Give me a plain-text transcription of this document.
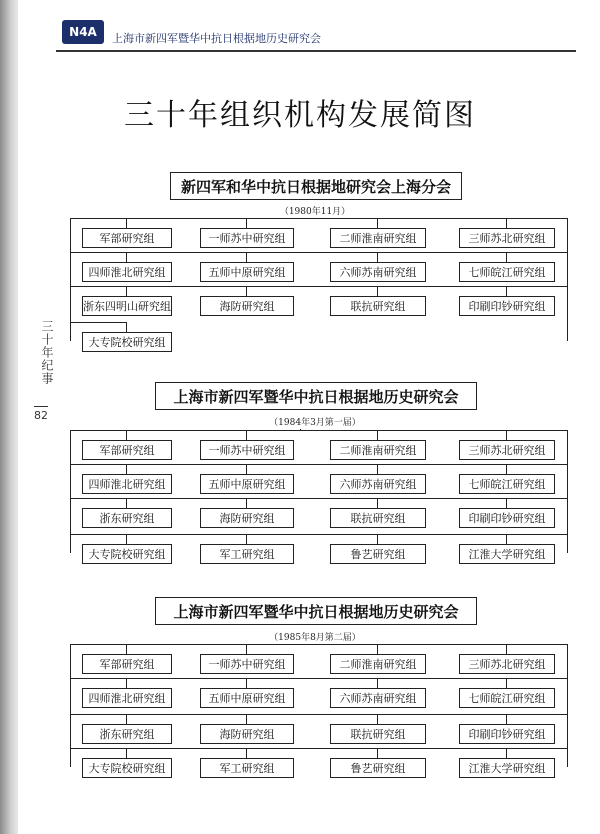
N4A	上海市新四军暨华中抗日根据地历史研究会
三十年纪事
82
三十年组织机构发展简图
新四军和华中抗日根据地研究会上海分会
（1980年11月）
军部研究组	一师苏中研究组	二师淮南研究组	三师苏北研究组
四师淮北研究组	五师中原研究组	六师苏南研究组	七师皖江研究组
浙东四明山研究组	海防研究组	联抗研究组	印刷印钞研究组
大专院校研究组
上海市新四军暨华中抗日根据地历史研究会
（1984年3月第一届）
军部研究组	一师苏中研究组	二师淮南研究组	三师苏北研究组
四师淮北研究组	五师中原研究组	六师苏南研究组	七师皖江研究组
浙东研究组	海防研究组	联抗研究组	印刷印钞研究组
大专院校研究组	军工研究组	鲁艺研究组	江淮大学研究组
上海市新四军暨华中抗日根据地历史研究会
（1985年8月第二届）
军部研究组	一师苏中研究组	二师淮南研究组	三师苏北研究组
四师淮北研究组	五师中原研究组	六师苏南研究组	七师皖江研究组
浙东研究组	海防研究组	联抗研究组	印刷印钞研究组
大专院校研究组	军工研究组	鲁艺研究组	江淮大学研究组
